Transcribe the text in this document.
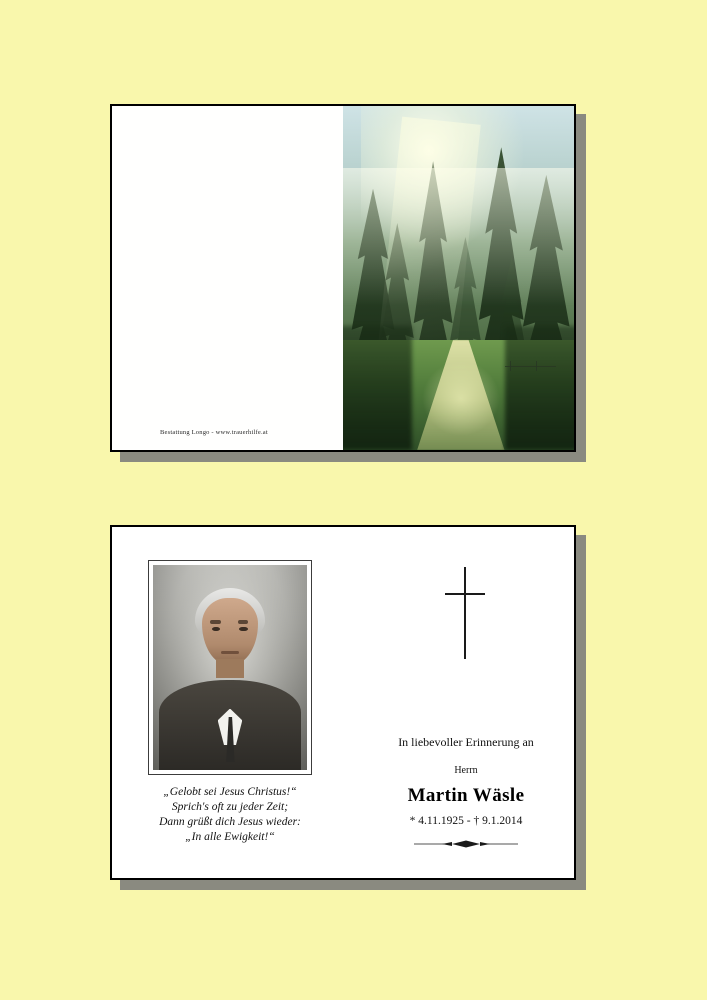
Bestattung Longo - www.trauerhilfe.at
„Gelobt sei Jesus Christus!“
Sprich's oft zu jeder Zeit;
Dann grüßt dich Jesus wieder:
„In alle Ewigkeit!“
In liebevoller Erinnerung an
Herrn
Martin Wäsle
* 4.11.1925 - † 9.1.2014
